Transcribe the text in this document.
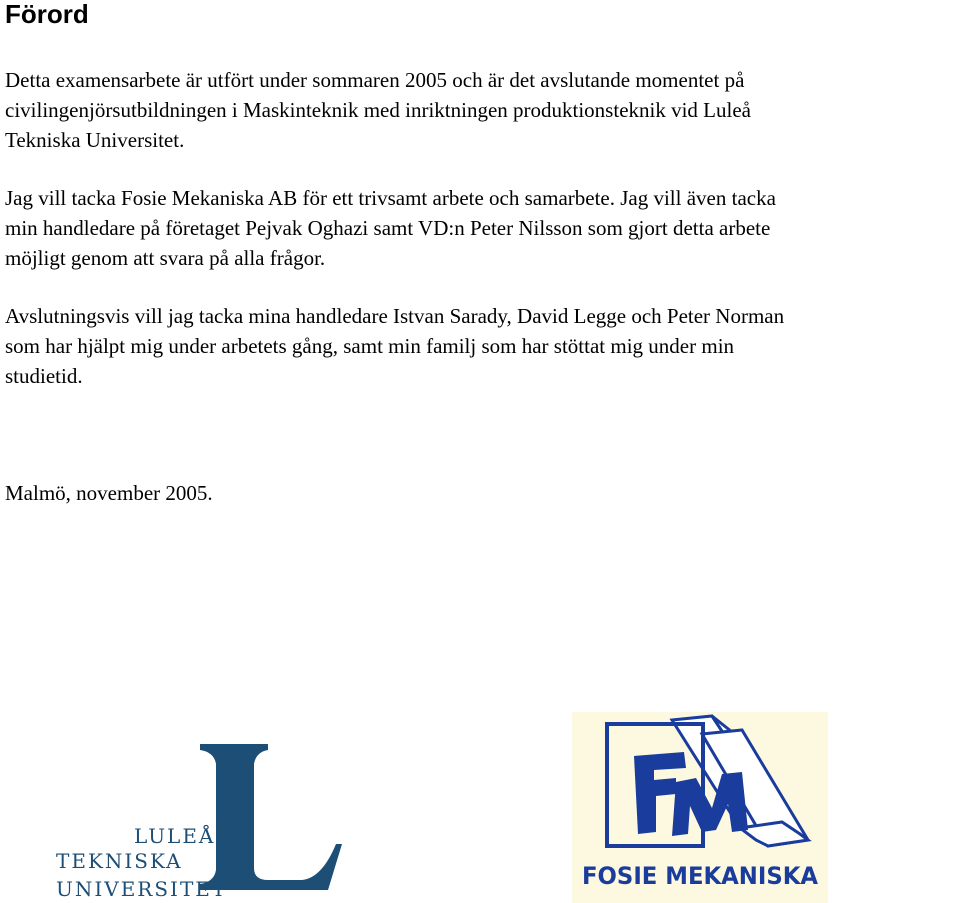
Förord

Detta examensarbete är utfört under sommaren 2005 och är det avslutande momentet på
civilingenjörsutbildningen i Maskinteknik med inriktningen produktionsteknik vid Luleå
Tekniska Universitet.

Jag vill tacka Fosie Mekaniska AB för ett trivsamt arbete och samarbete. Jag vill även tacka
min handledare på företaget Pejvak Oghazi samt VD:n Peter Nilsson som gjort detta arbete
möjligt genom att svara på alla frågor.

Avslutningsvis vill jag tacka mina handledare Istvan Sarady, David Legge och Peter Norman
som har hjälpt mig under arbetets gång, samt min familj som har stöttat mig under min
studietid.

Malmö, november 2005.

LULEÅ
TEKNISKA
UNIVERSITET	FOSIE MEKANISKA
